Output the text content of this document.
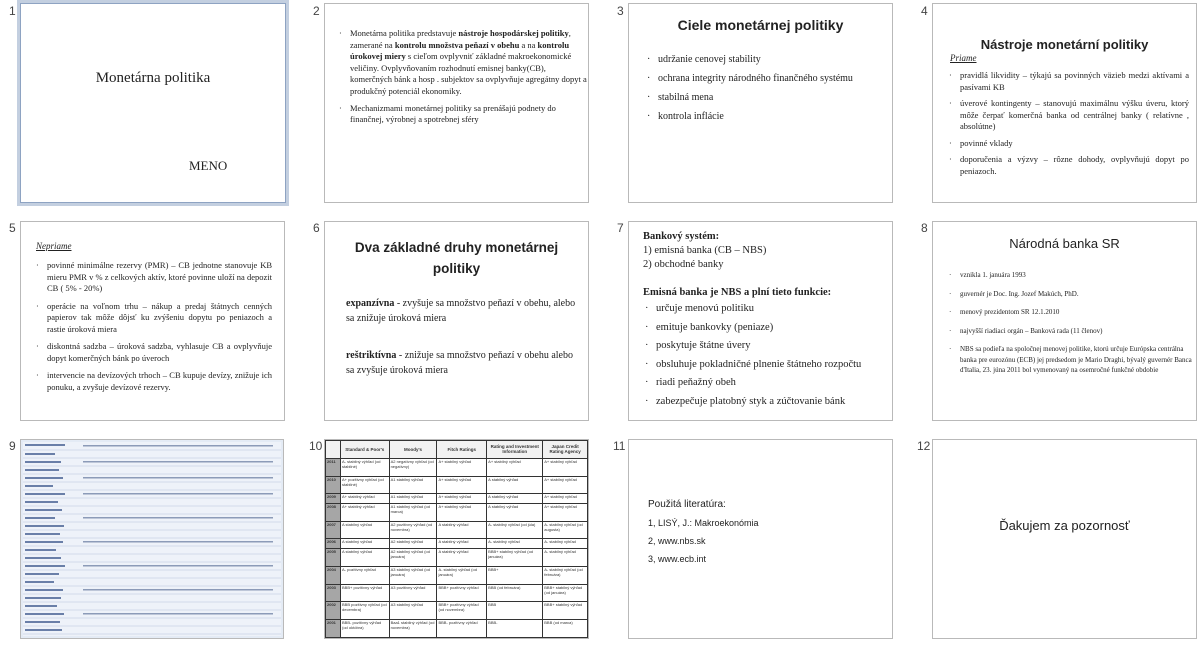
1	2	3	4
5	6	7	8
9	10	11	12
Monetárna politika
MENO
· Monetárna politika predstavuje nástroje hospodárskej politiky, zamerané na kontrolu množstva peňazí v obehu a na kontrolu úrokovej miery s cieľom ovplyvniť základné makroekonomické veličiny. Ovplyvňovaním rozhodnutí emisnej banky(CB), komerčných bánk a hosp . subjektov sa ovplyvňuje agregátny dopyt a produkčný potenciál ekonomiky.
· Mechanizmami monetárnej politiky sa prenášajú podnety do finančnej, výrobnej a spotrebnej sféry
Ciele monetárnej politiky
· udržanie cenovej stability
· ochrana integrity národného finančného systému
· stabilná mena
· kontrola inflácie
Nástroje monetární politiky
Priame
· pravidlá likvidity – týkajú sa povinných väzieb medzi aktívami a pasívami KB
· úverové kontingenty – stanovujú maximálnu výšku úveru, ktorý môže čerpať komerčná banka od centrálnej banky ( relatívne , absolútne)
· povinné vklady
· doporučenia a výzvy – rôzne dohody, ovplyvňujú dopyt po peniazoch.
Nepriame
· povinné minimálne rezervy (PMR) – CB jednotne stanovuje KB mieru PMR v % z celkových aktív, ktoré povinne uloží na depozit CB ( 5% - 20%)
· operácie na voľnom trhu – nákup a predaj štátnych cenných papierov tak môže dôjsť ku zvýšeniu dopytu po peniazoch a rastie úroková miera
· diskontná sadzba – úroková sadzba, vyhlasuje CB a ovplyvňuje dopyt komerčných bánk po úveroch
· intervencie na devízových trhoch – CB kupuje devízy, znižuje ich ponuku, a zvyšuje devízové rezervy.
Dva základné druhy monetárnej politiky
expanzívna - zvyšuje sa množstvo peňazí v obehu, alebo sa znižuje úroková miera
reštriktívna - znižuje sa množstvo peňazí v obehu alebo sa zvyšuje úroková miera
Bankový systém:
1) emisná banka (CB – NBS)
2) obchodné banky
Emisná banka je NBS a plní tieto funkcie:
· určuje menovú politiku
· emituje bankovky (peniaze)
· poskytuje štátne úvery
· obsluhuje pokladničné plnenie štátneho rozpočtu
· riadi peňažný obeh
· zabezpečuje platobný styk a zúčtovanie bánk
Národná banka SR
· vznikla 1. januára 1993
· guvernér je Doc. Ing. Jozef Makúch, PhD.
· menový prezidentom SR 12.1.2010
· najvyšší riadiaci orgán – Banková rada (11 členov)
· NBS sa podieľa na spoločnej menovej politike, ktorú určuje Európska centrálna banka pre eurozónu (ECB) jej predsedom je Mario Draghi, bývalý guvernér Banca d'Italia, 23. júna 2011 bol vymenovaný na osemročné funkčné obdobie
	Standard & Poor's	Moody's	Fitch Ratings	Rating and Investment Information	Japan Credit Rating Agency
2011	A- stabilný výhľad (od stabilné)	A2 negatívny výhľad (od negatívny)	A+ stabilný výhľad	A+ stabilný výhľad	A+ stabilný výhľad
2010	A+ pozitívny výhľad (od stabilné)	A1 stabilný výhľad	A+ stabilný výhľad	A stabilný výhľad	A+ stabilný výhľad
2009	A+ stabilný výhľad	A1 stabilný výhľad	A+ stabilný výhľad	A stabilný výhľad	A+ stabilný výhľad
2008	A+ stabilný výhľad	A1 stabilný výhľad (od marca)	A+ stabilný výhľad	A stabilný výhľad	A+ stabilný výhľad
2007	A stabilný výhľad	A2 pozitívny výhľad (od novembra)	A stabilný výhľad	A- stabilný výhľad (od júla)	A- stabilný výhľad (od augusta)
2006	A stabilný výhľad	A2 stabilný výhľad	A stabilný výhľad	A- stabilný výhľad	A- stabilný výhľad
2005	A stabilný výhľad	A2 stabilný výhľad (od januára)	A stabilný výhľad	BBB+ stabilný výhľad (od januára)	A- stabilný výhľad
2004	A- pozitívny výhľad	A3 stabilný výhľad (od januára)	A- stabilný výhľad (od januára)	BBB+	A- stabilný výhľad (od februára)
2003	BBB+ pozitívny výhľad	A3 pozitívny výhľad	BBB+ pozitívny výhľad	BBB (od februára)	BBB+ stabilný výhľad (od januára)
2002	BBB pozitívny výhľad (od decembra)	A3 stabilný výhľad	BBB+ pozitívny výhľad (od novembra)	BBB	BBB+ stabilný výhľad
2001	BBB- pozitívny výhľad (od októbra)	Baa1 stabilný výhľad (od novembra)	BBB- pozitívny výhľad	BBB-	BBB (od marca)
Použitá literatúra:
1, LISÝ, J.: Makroekonómia
2, www.nbs.sk
3, www.ecb.int
Ďakujem za pozornosť
